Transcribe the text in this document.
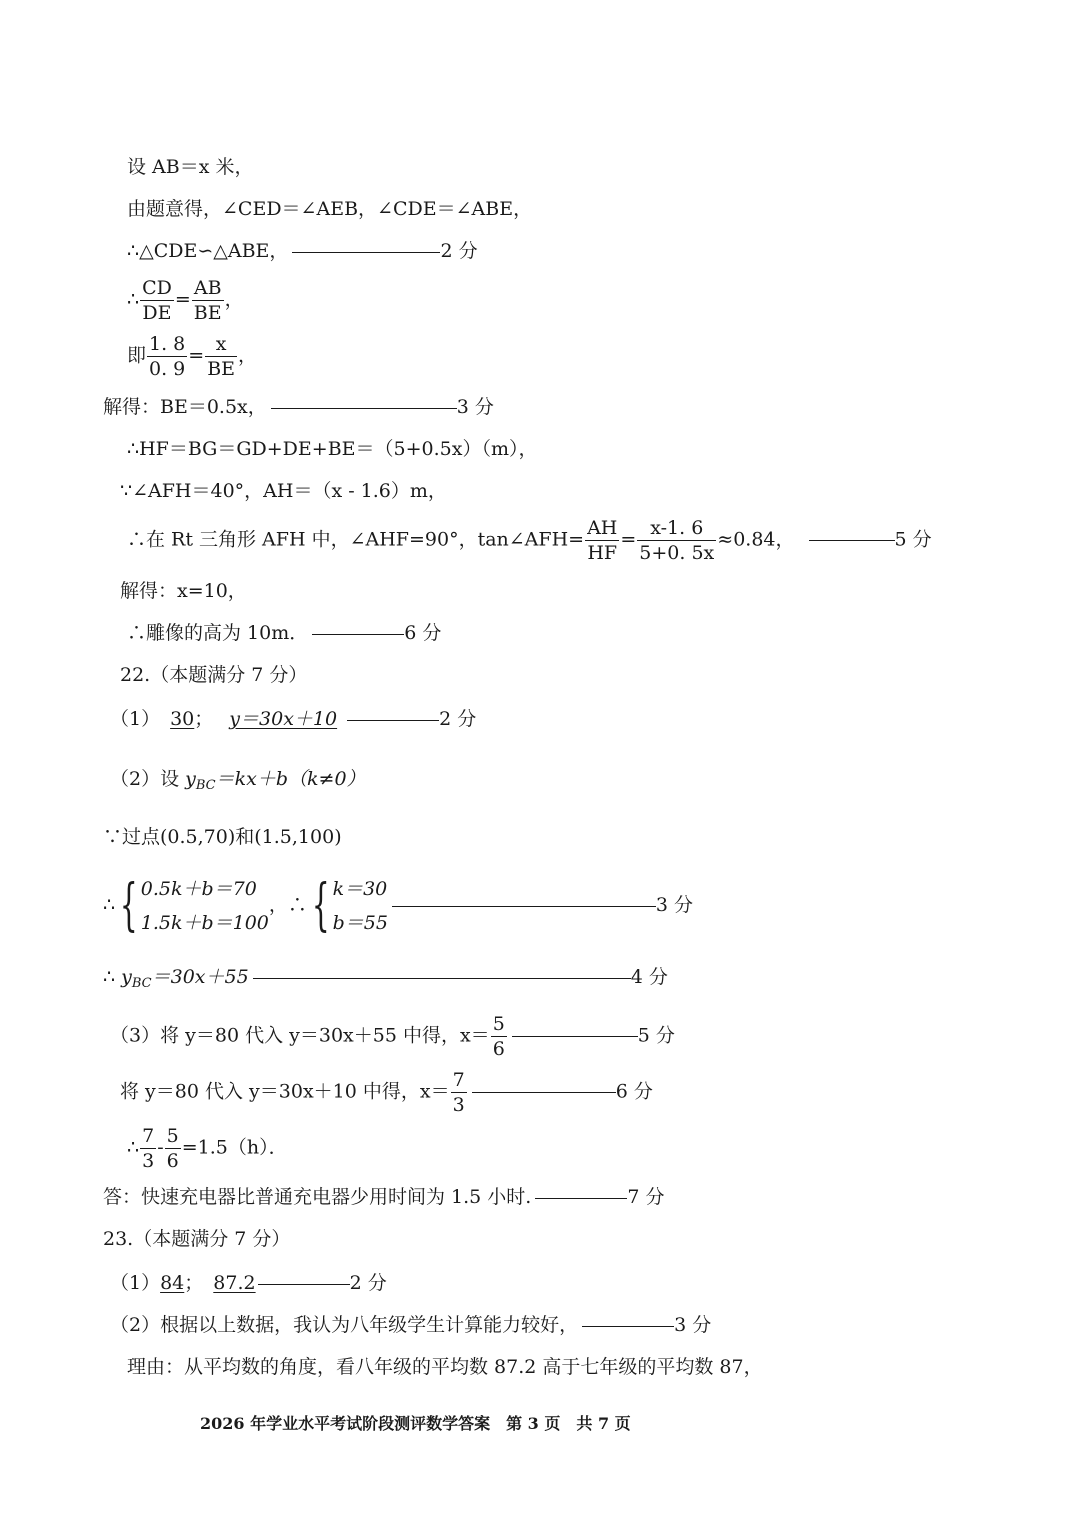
设 AB＝x 米，
由题意得，∠CED＝∠AEB，∠CDE＝∠ABE，
∴△CDE∽△ABE，	2 分
∴ $\frac{CD}{DE} = \frac{AB}{BE}$ ，
即 $\frac{1. 8}{0. 9} = \frac{x}{BE}$ ，
解得：BE＝0.5x，	3 分
∴HF＝BG＝GD+DE+BE＝（5+0.5x）（m），
∵∠AFH＝40°，AH＝（x - 1.6）m，
∴在 Rt 三角形 AFH 中，∠AHF=90°，tan∠AFH= $\frac{AH}{HF} = \frac{x-1. 6}{5+0. 5x} \approx 0.84$，	5 分
解得：x=10，
∴雕像的高为 10m．	6 分
22.（本题满分 7 分）
（1） 30； y＝30x＋10	2 分
（2）设 $y_{BC}=kx+b(k\ne 0)$
∵过点(0.5,70)和(1.5,100)
∴{ 0.5k＋b＝70
1.5k＋b＝100
，∴{ k＝30
b＝55
3 分
∴ $y_{BC}=30x+55$	4 分
（3）将 y＝80 代入 y＝30x＋55 中得，$x= \frac{5}{6}$	5 分
将 y＝80 代入 y＝30x＋10 中得，$x= \frac{7}{3}$	6 分
∴ $\frac{7}{3} - \frac{5}{6} =1.5(h)$．
答：快速充电器比普通充电器少用时间为 1.5 小时.	7 分
23.（本题满分 7 分）
（1）84； 87.2	2 分
（2）根据以上数据，我认为八年级学生计算能力较好，	3 分
理由：从平均数的角度，看八年级的平均数 87.2 高于七年级的平均数 87，
2026 年学业水平考试阶段测评数学答案　第 3 页　共 7 页
